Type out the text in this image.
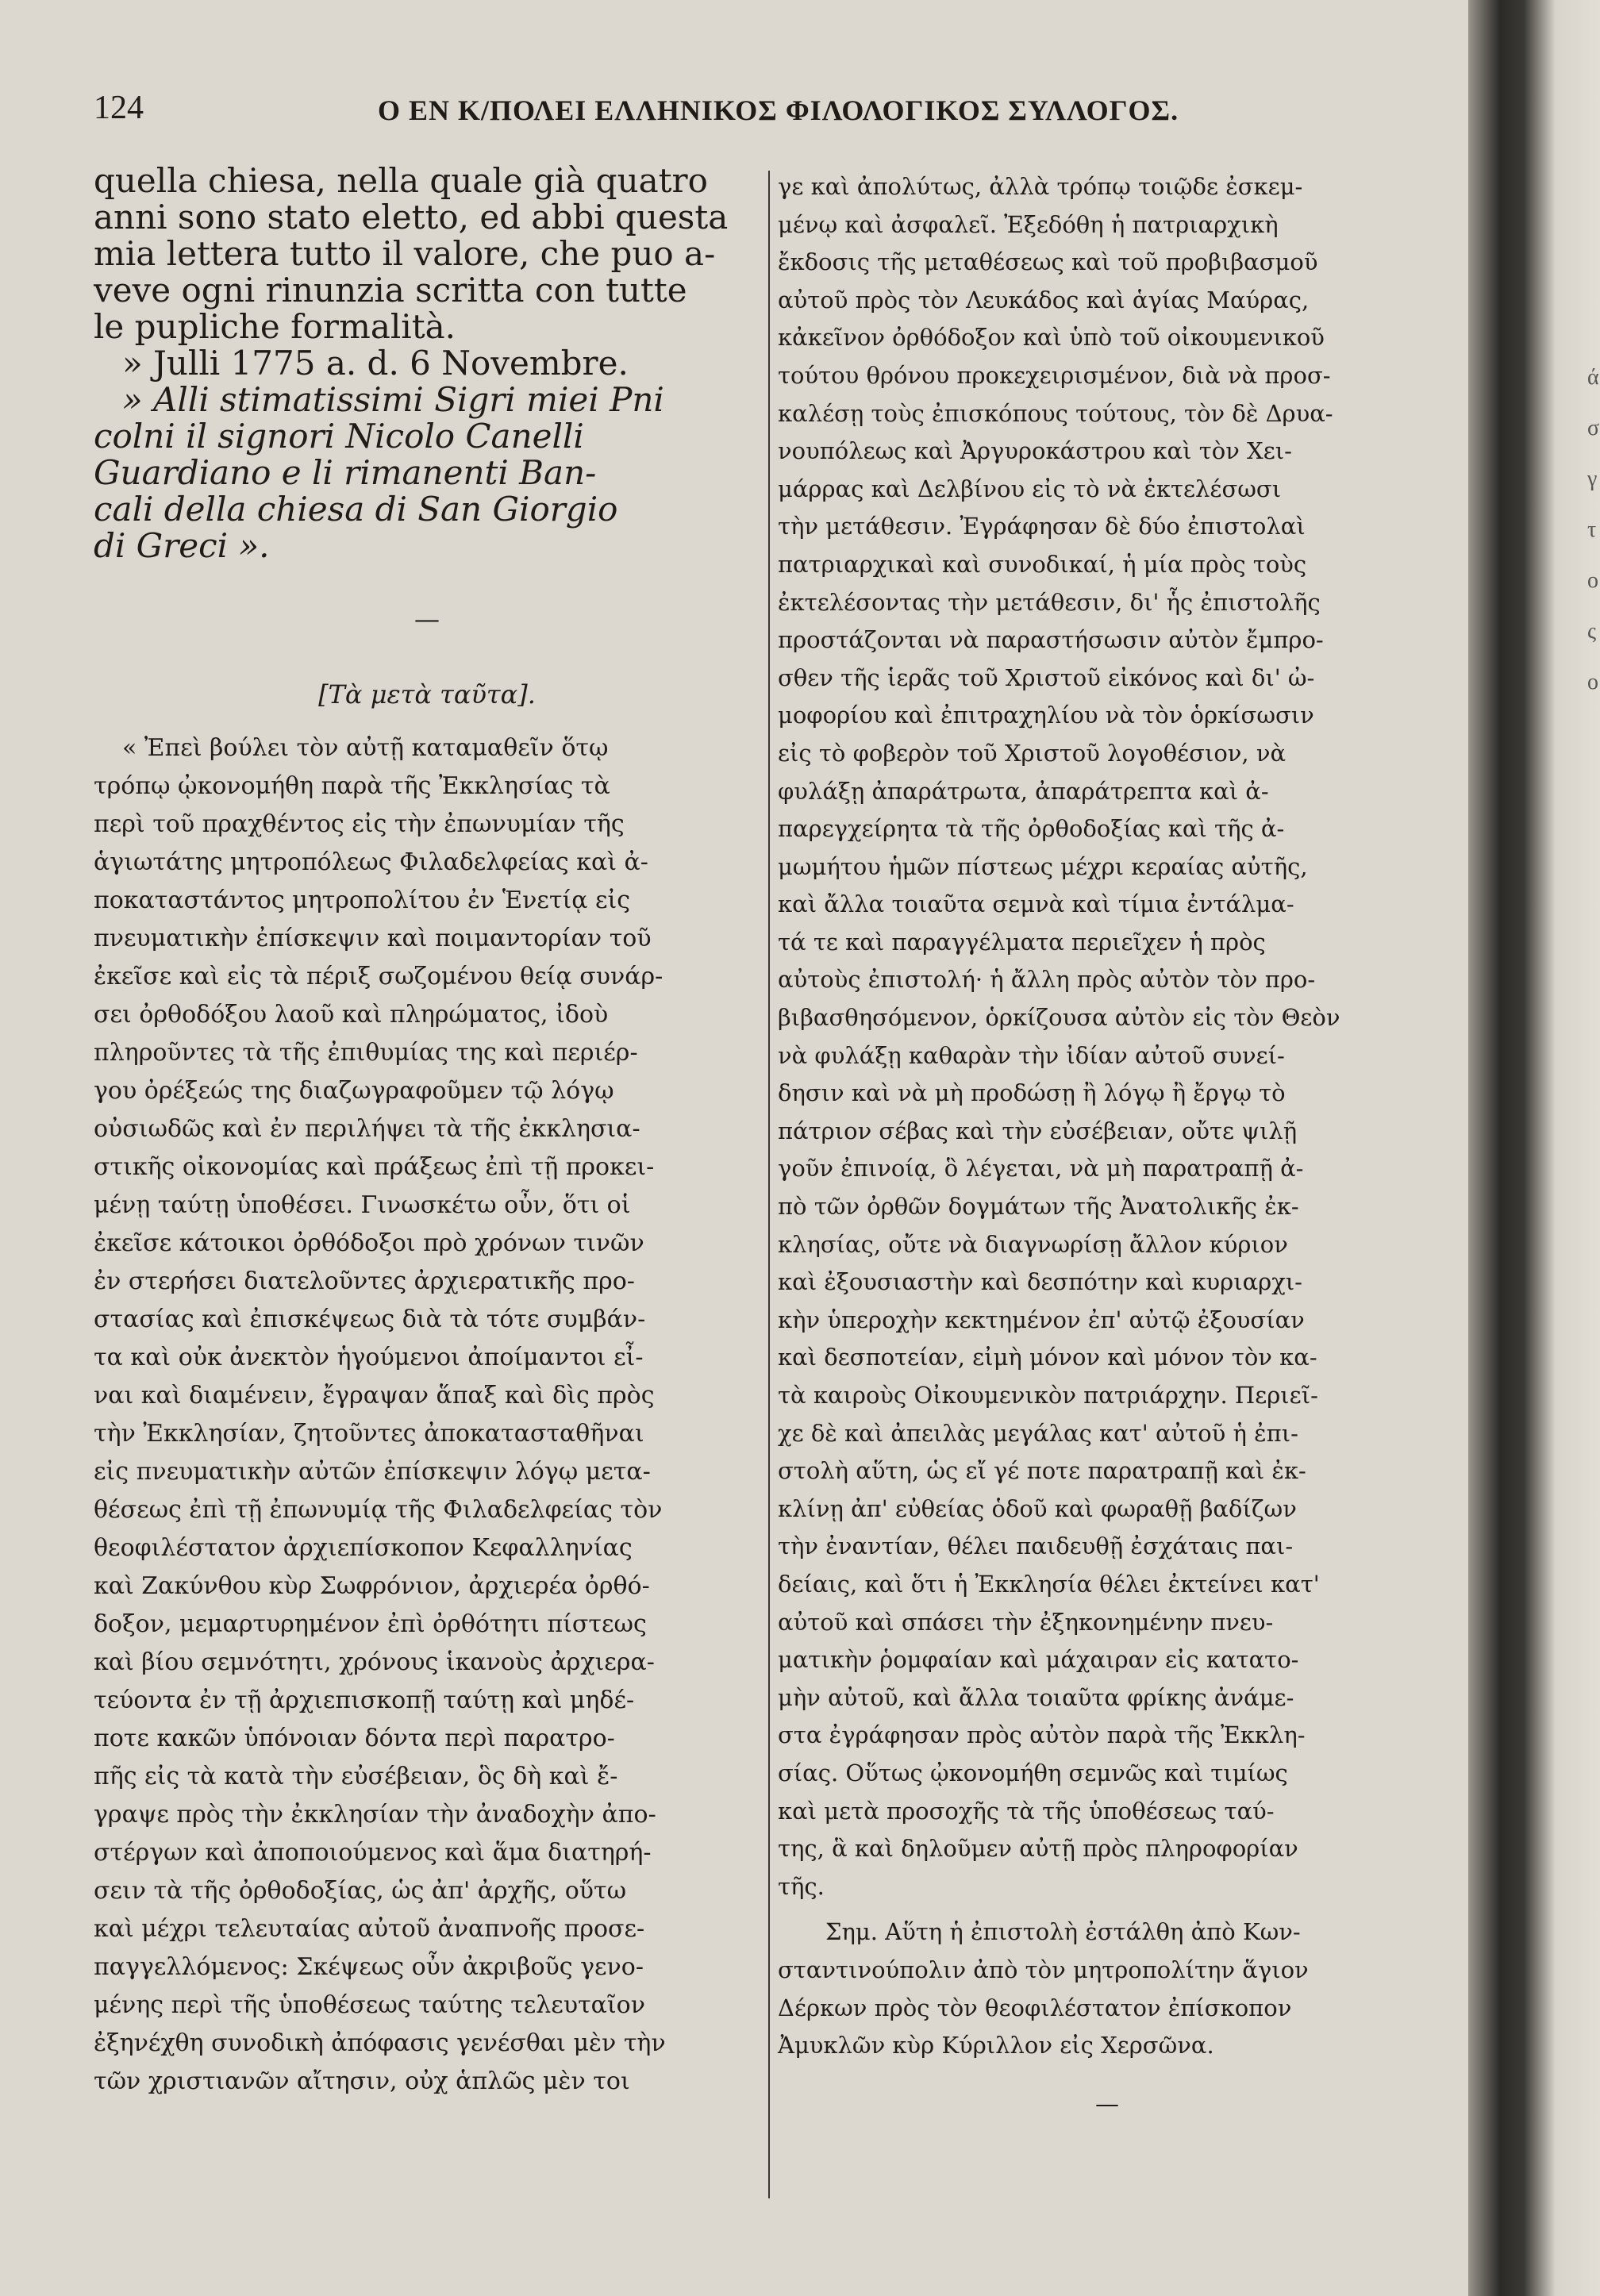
124	Ο ΕΝ Κ/ΠΟΛΕΙ ΕΛΛΗΝΙΚΟΣ ΦΙΛΟΛΟΓΙΚΟΣ ΣΥΛΛΟΓΟΣ.
quella chiesa, nella quale già quatro
anni sono stato eletto, ed abbi questa
mia lettera tutto il valore, che puo a-
veve ogni rinunzia scritta con tutte
le pupliche formalità.
» Julli 1775 a. d. 6 Novembre.
» Alli stimatissimi Sigri miei Pni
colni il signori Nicolo Canelli
Guardiano e li rimanenti Ban-
cali della chiesa di San Giorgio
di Greci ».
—
[Τὰ μετὰ ταῦτα].
« Ἐπεὶ βούλει τὸν αὐτῇ καταμαθεῖν ὅτῳ
τρόπῳ ᾠκονομήθη παρὰ τῆς Ἐκκλησίας τὰ
περὶ τοῦ πραχθέντος εἰς τὴν ἐπωνυμίαν τῆς
ἁγιωτάτης μητροπόλεως Φιλαδελφείας καὶ ἀ-
ποκαταστάντος μητροπολίτου ἐν Ἑνετίᾳ εἰς
πνευματικὴν ἐπίσκεψιν καὶ ποιμαντορίαν τοῦ
ἐκεῖσε καὶ εἰς τὰ πέριξ σωζομένου θείᾳ συνάρ-
σει ὀρθοδόξου λαοῦ καὶ πληρώματος, ἰδοὺ
πληροῦντες τὰ τῆς ἐπιθυμίας της καὶ περιέρ-
γου ὀρέξεώς της διαζωγραφοῦμεν τῷ λόγῳ
οὐσιωδῶς καὶ ἐν περιλήψει τὰ τῆς ἐκκλησια-
στικῆς οἰκονομίας καὶ πράξεως ἐπὶ τῇ προκει-
μένῃ ταύτῃ ὑποθέσει. Γινωσκέτω οὖν, ὅτι οἱ
ἐκεῖσε κάτοικοι ὀρθόδοξοι πρὸ χρόνων τινῶν
ἐν στερήσει διατελοῦντες ἀρχιερατικῆς προ-
στασίας καὶ ἐπισκέψεως διὰ τὰ τότε συμβάν-
τα καὶ οὐκ ἀνεκτὸν ἡγούμενοι ἀποίμαντοι εἶ-
ναι καὶ διαμένειν, ἔγραψαν ἅπαξ καὶ δὶς πρὸς
τὴν Ἐκκλησίαν, ζητοῦντες ἀποκατασταθῆναι
εἰς πνευματικὴν αὐτῶν ἐπίσκεψιν λόγῳ μετα-
θέσεως ἐπὶ τῇ ἐπωνυμίᾳ τῆς Φιλαδελφείας τὸν
θεοφιλέστατον ἀρχιεπίσκοπον Κεφαλληνίας
καὶ Ζακύνθου κὺρ Σωφρόνιον, ἀρχιερέα ὀρθό-
δοξον, μεμαρτυρημένον ἐπὶ ὀρθότητι πίστεως
καὶ βίου σεμνότητι, χρόνους ἱκανοὺς ἀρχιερα-
τεύοντα ἐν τῇ ἀρχιεπισκοπῇ ταύτῃ καὶ μηδέ-
ποτε κακῶν ὑπόνοιαν δόντα περὶ παρατρο-
πῆς εἰς τὰ κατὰ τὴν εὐσέβειαν, ὃς δὴ καὶ ἔ-
γραψε πρὸς τὴν ἐκκλησίαν τὴν ἀναδοχὴν ἀπο-
στέργων καὶ ἀποποιούμενος καὶ ἅμα διατηρή-
σειν τὰ τῆς ὀρθοδοξίας, ὡς ἀπ' ἀρχῆς, οὕτω
καὶ μέχρι τελευταίας αὐτοῦ ἀναπνοῆς προσε-
παγγελλόμενος: Σκέψεως οὖν ἀκριβοῦς γενο-
μένης περὶ τῆς ὑποθέσεως ταύτης τελευταῖον
ἐξηνέχθη συνοδικὴ ἀπόφασις γενέσθαι μὲν τὴν
τῶν χριστιανῶν αἴτησιν, οὐχ ἁπλῶς μὲν τοι
γε καὶ ἀπολύτως, ἀλλὰ τρόπῳ τοιῷδε ἐσκεμ-
μένῳ καὶ ἀσφαλεῖ. Ἐξεδόθη ἡ πατριαρχικὴ
ἔκδοσις τῆς μεταθέσεως καὶ τοῦ προβιβασμοῦ
αὐτοῦ πρὸς τὸν Λευκάδος καὶ ἁγίας Μαύρας,
κἀκεῖνον ὀρθόδοξον καὶ ὑπὸ τοῦ οἰκουμενικοῦ
τούτου θρόνου προκεχειρισμένον, διὰ νὰ προσ-
καλέσῃ τοὺς ἐπισκόπους τούτους, τὸν δὲ Δρυα-
νουπόλεως καὶ Ἀργυροκάστρου καὶ τὸν Χει-
μάρρας καὶ Δελβίνου εἰς τὸ νὰ ἐκτελέσωσι
τὴν μετάθεσιν. Ἐγράφησαν δὲ δύο ἐπιστολαὶ
πατριαρχικαὶ καὶ συνοδικαί, ἡ μία πρὸς τοὺς
ἐκτελέσοντας τὴν μετάθεσιν, δι' ἧς ἐπιστολῆς
προστάζονται νὰ παραστήσωσιν αὐτὸν ἔμπρο-
σθεν τῆς ἱερᾶς τοῦ Χριστοῦ εἰκόνος καὶ δι' ὠ-
μοφορίου καὶ ἐπιτραχηλίου νὰ τὸν ὁρκίσωσιν
εἰς τὸ φοβερὸν τοῦ Χριστοῦ λογοθέσιον, νὰ
φυλάξῃ ἀπαράτρωτα, ἀπαράτρεπτα καὶ ἀ-
παρεγχείρητα τὰ τῆς ὀρθοδοξίας καὶ τῆς ἀ-
μωμήτου ἡμῶν πίστεως μέχρι κεραίας αὐτῆς,
καὶ ἄλλα τοιαῦτα σεμνὰ καὶ τίμια ἐντάλμα-
τά τε καὶ παραγγέλματα περιεῖχεν ἡ πρὸς
αὐτοὺς ἐπιστολή· ἡ ἄλλη πρὸς αὐτὸν τὸν προ-
βιβασθησόμενον, ὁρκίζουσα αὐτὸν εἰς τὸν Θεὸν
νὰ φυλάξῃ καθαρὰν τὴν ἰδίαν αὐτοῦ συνεί-
δησιν καὶ νὰ μὴ προδώσῃ ἢ λόγῳ ἢ ἔργῳ τὸ
πάτριον σέβας καὶ τὴν εὐσέβειαν, οὔτε ψιλῇ
γοῦν ἐπινοίᾳ, ὃ λέγεται, νὰ μὴ παρατραπῇ ἀ-
πὸ τῶν ὀρθῶν δογμάτων τῆς Ἀνατολικῆς ἐκ-
κλησίας, οὔτε νὰ διαγνωρίσῃ ἄλλον κύριον
καὶ ἐξουσιαστὴν καὶ δεσπότην καὶ κυριαρχι-
κὴν ὑπεροχὴν κεκτημένον ἐπ' αὐτῷ ἐξουσίαν
καὶ δεσποτείαν, εἰμὴ μόνον καὶ μόνον τὸν κα-
τὰ καιροὺς Οἰκουμενικὸν πατριάρχην. Περιεῖ-
χε δὲ καὶ ἀπειλὰς μεγάλας κατ' αὐτοῦ ἡ ἐπι-
στολὴ αὕτη, ὡς εἴ γέ ποτε παρατραπῇ καὶ ἐκ-
κλίνῃ ἀπ' εὐθείας ὁδοῦ καὶ φωραθῇ βαδίζων
τὴν ἐναντίαν, θέλει παιδευθῇ ἐσχάταις παι-
δείαις, καὶ ὅτι ἡ Ἐκκλησία θέλει ἐκτείνει κατ'
αὐτοῦ καὶ σπάσει τὴν ἐξηκονημένην πνευ-
ματικὴν ῥομφαίαν καὶ μάχαιραν εἰς κατατο-
μὴν αὐτοῦ, καὶ ἄλλα τοιαῦτα φρίκης ἀνάμε-
στα ἐγράφησαν πρὸς αὐτὸν παρὰ τῆς Ἐκκλη-
σίας. Οὕτως ᾠκονομήθη σεμνῶς καὶ τιμίως
καὶ μετὰ προσοχῆς τὰ τῆς ὑποθέσεως ταύ-
της, ἃ καὶ δηλοῦμεν αὐτῇ πρὸς πληροφορίαν
τῆς.
Σημ. Αὕτη ἡ ἐπιστολὴ ἐστάλθη ἀπὸ Κων-
σταντινούπολιν ἀπὸ τὸν μητροπολίτην ἅγιον
Δέρκων πρὸς τὸν θεοφιλέστατον ἐπίσκοπον
Ἀμυκλῶν κὺρ Κύριλλον εἰς Χερσῶνα.
—
ά
σ
γ
τ
ο
ς
ο
